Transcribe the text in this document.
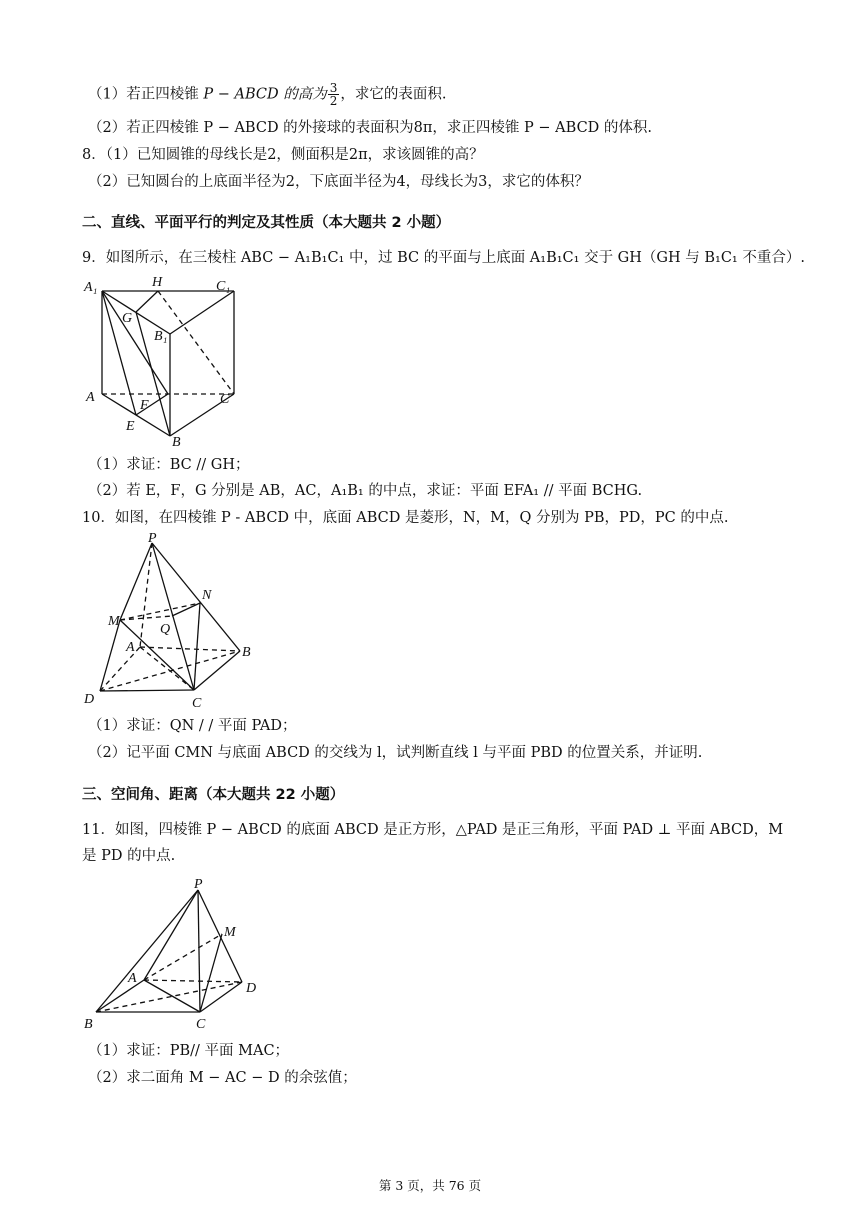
（1）若正四棱锥 P − ABCD 的高为 $\frac{3}{2}$ ，求它的表面积.
（2）若正四棱锥 P − ABCD 的外接球的表面积为8π，求正四棱锥 P − ABCD 的体积.
8．（1）已知圆锥的母线长是2，侧面积是2π，求该圆锥的高？
（2）已知圆台的上底面半径为2，下底面半径为4，母线长为3，求它的体积？
二、直线、平面平行的判定及其性质（本大题共 2 小题）
9．如图所示，在三棱柱 ABC − A₁B₁C₁ 中，过 BC 的平面与上底面 A₁B₁C₁ 交于 GH（GH 与 B₁C₁ 不重合）.
A₁	H	C₁
G
B₁
A
F	C
E
B
（1）求证：BC // GH；
（2）若 E，F，G 分别是 AB，AC，A₁B₁ 的中点，求证：平面 EFA₁ // 平面 BCHG.
10．如图，在四棱锥 P - ABCD 中，底面 ABCD 是菱形，N，M，Q 分别为 PB，PD，PC 的中点.
P
N
M
Q
A	B
D	C
（1）求证：QN / / 平面 PAD；
（2）记平面 CMN 与底面 ABCD 的交线为 l，试判断直线 l 与平面 PBD 的位置关系，并证明.
三、空间角、距离（本大题共 22 小题）
11．如图，四棱锥 P − ABCD 的底面 ABCD 是正方形，△PAD 是正三角形，平面 PAD ⊥ 平面 ABCD，M
是 PD 的中点.
P
M
A
D
B	C
（1）求证：PB// 平面 MAC；
（2）求二面角 M − AC − D 的余弦值；
第 3 页，共 76 页
